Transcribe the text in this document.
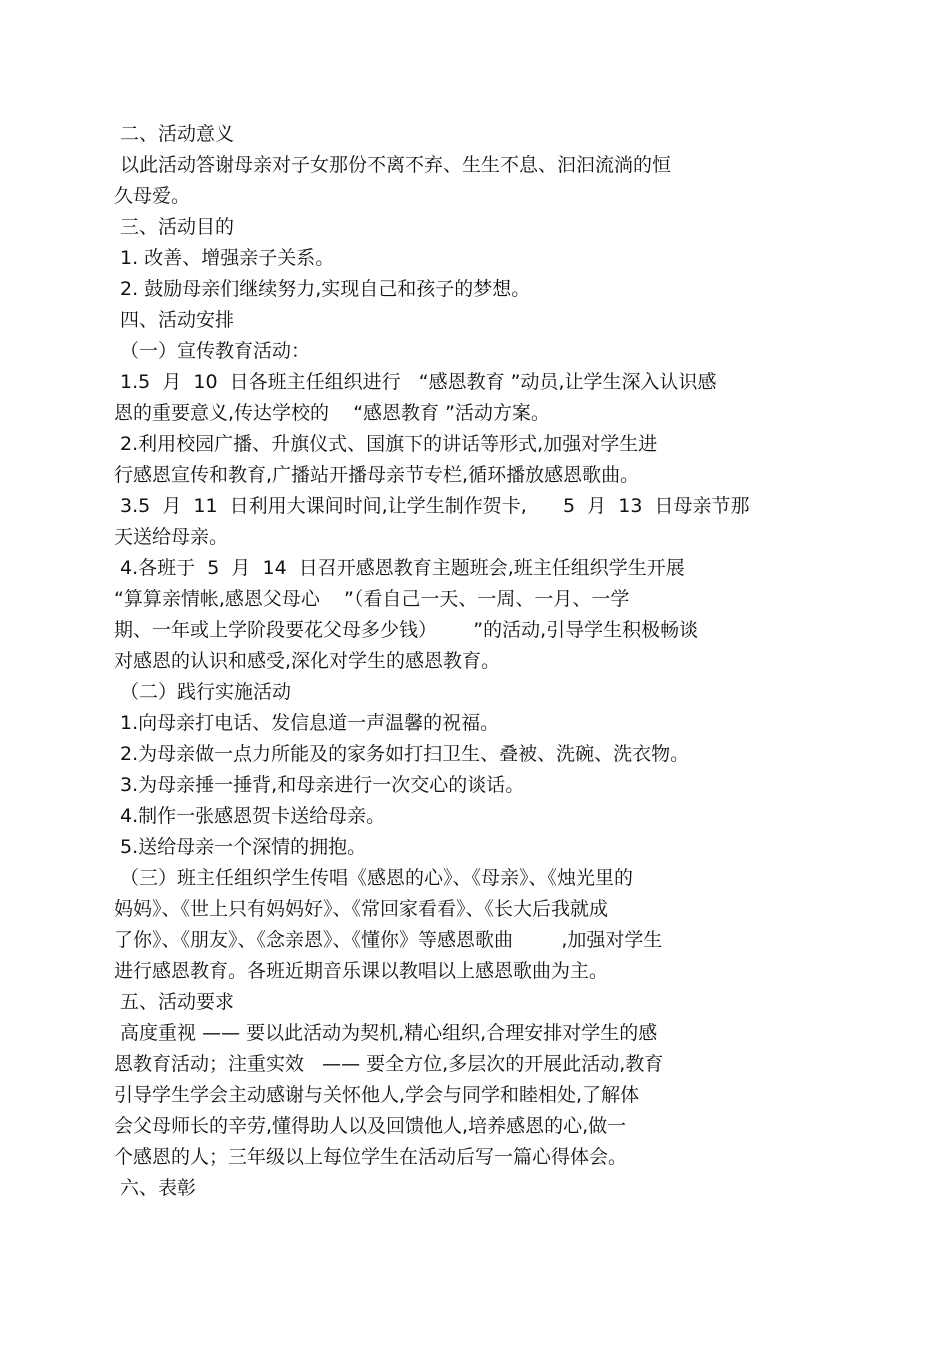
二、活动意义
以此活动答谢母亲对子女那份不离不弃、生生不息、汩汩流淌的恒
久母爱。
三、活动目的
1. 改善、增强亲子关系。
2. 鼓励母亲们继续努力,实现自己和孩子的梦想。
四、活动安排
（一）宣传教育活动：
1.5  月  10  日各班主任组织进行   “感恩教育 ”动员,让学生深入认识感
恩的重要意义,传达学校的    “感恩教育 ”活动方案。
2.利用校园广播、升旗仪式、国旗下的讲话等形式,加强对学生进
行感恩宣传和教育,广播站开播母亲节专栏,循环播放感恩歌曲。
3.5  月  11  日利用大课间时间,让学生制作贺卡,      5  月  13  日母亲节那
天送给母亲。
4.各班于  5  月  14  日召开感恩教育主题班会,班主任组织学生开展
“算算亲情帐,感恩父母心    ”（看自己一天、一周、一月、一学
期、一年或上学阶段要花父母多少钱）      ”的活动,引导学生积极畅谈
对感恩的认识和感受,深化对学生的感恩教育。
（二）践行实施活动
1.向母亲打电话、发信息道一声温馨的祝福。
2.为母亲做一点力所能及的家务如打扫卫生、叠被、洗碗、洗衣物。
3.为母亲捶一捶背,和母亲进行一次交心的谈话。
4.制作一张感恩贺卡送给母亲。
5.送给母亲一个深情的拥抱。
（三）班主任组织学生传唱《感恩的心》、《母亲》、《烛光里的
妈妈》、《世上只有妈妈好》、《常回家看看》、《长大后我就成
了你》、《朋友》、《念亲恩》、《懂你》等感恩歌曲        ,加强对学生
进行感恩教育。各班近期音乐课以教唱以上感恩歌曲为主。
五、活动要求
高度重视 —— 要以此活动为契机,精心组织,合理安排对学生的感
恩教育活动；注重实效   —— 要全方位,多层次的开展此活动,教育
引导学生学会主动感谢与关怀他人,学会与同学和睦相处,了解体
会父母师长的辛劳,懂得助人以及回馈他人,培养感恩的心,做一
个感恩的人；三年级以上每位学生在活动后写一篇心得体会。
六、表彰
